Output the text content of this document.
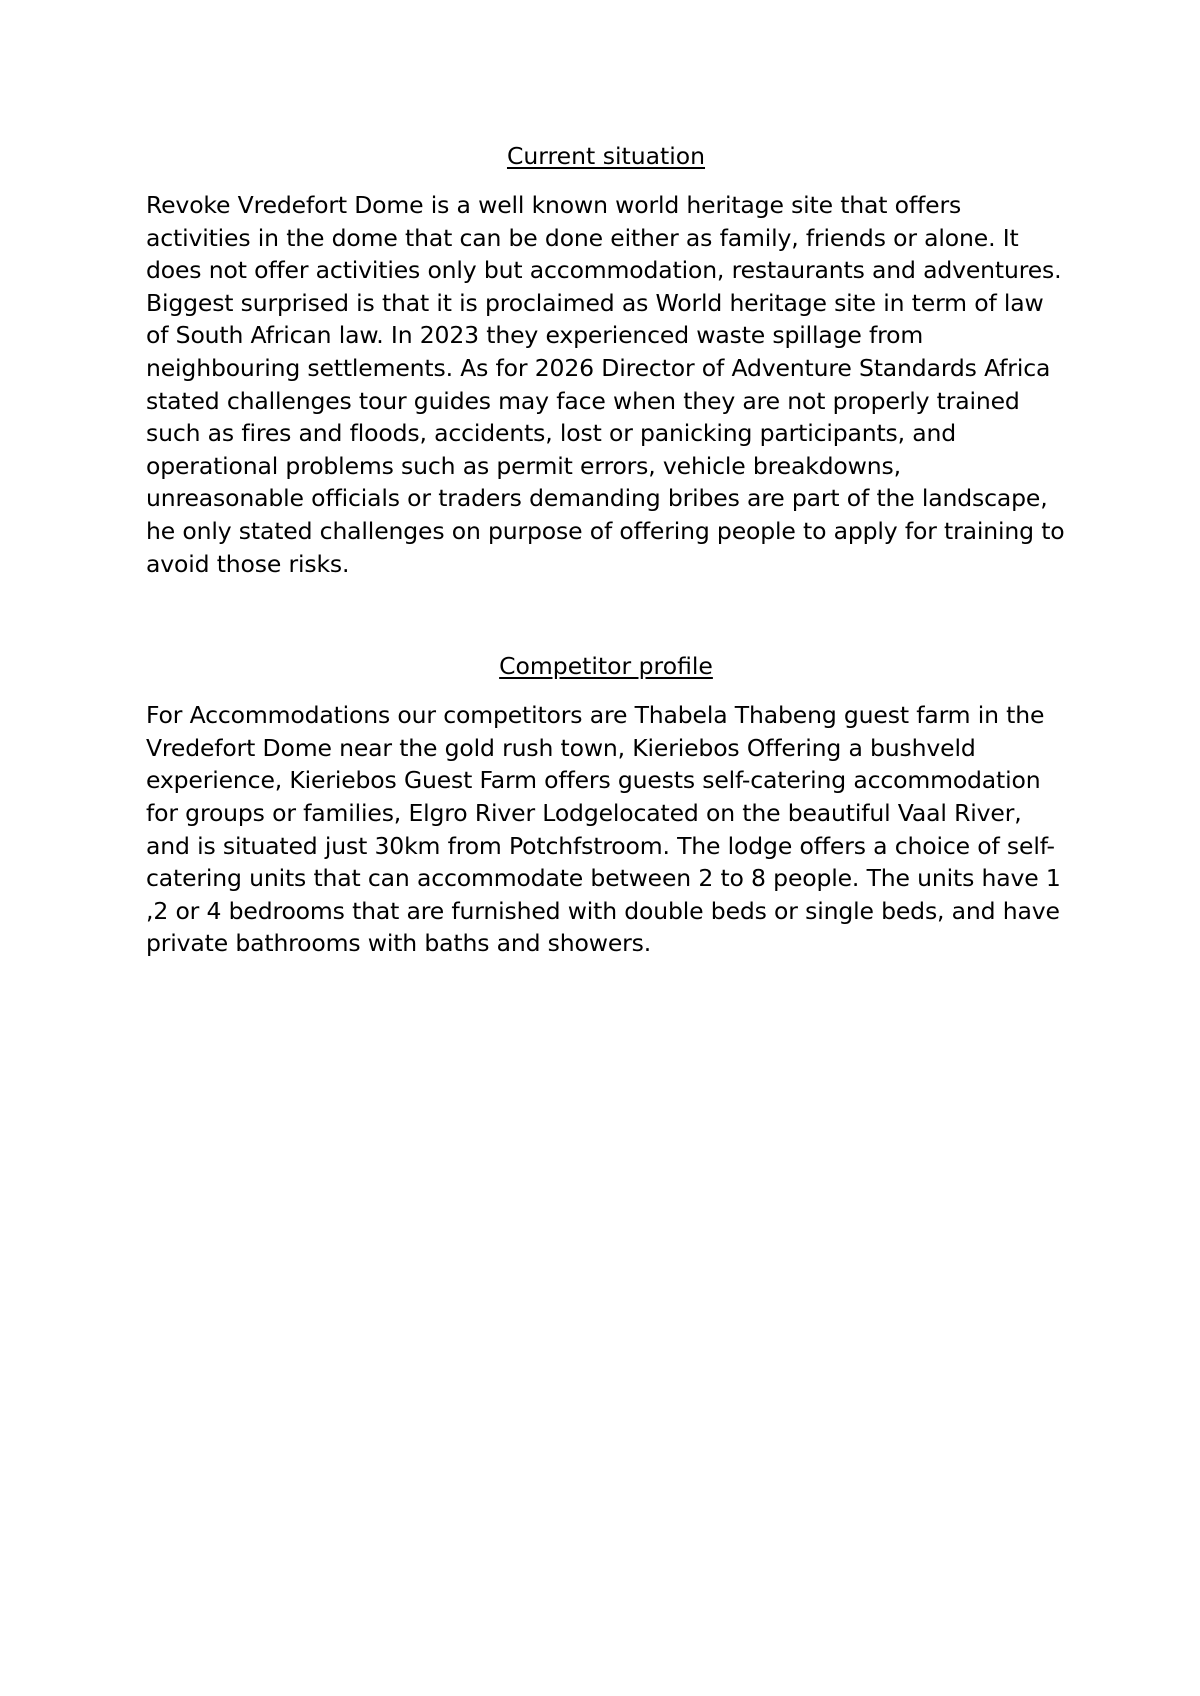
Current situation

Revoke Vredefort Dome is a well known world heritage site that offers activities in the dome that can be done either as family, friends or alone. It does not offer activities only but accommodation, restaurants and adventures. Biggest surprised is that it is proclaimed as World heritage site in term of law of South African law. In 2023 they experienced waste spillage from neighbouring settlements. As for 2026 Director of Adventure Standards Africa stated challenges tour guides may face when they are not properly trained such as fires and floods, accidents, lost or panicking participants, and operational problems such as permit errors, vehicle breakdowns, unreasonable officials or traders demanding bribes are part of the landscape, he only stated challenges on purpose of offering people to apply for training to avoid those risks.

Competitor profile

For Accommodations our competitors are Thabela Thabeng guest farm in the Vredefort Dome near the gold rush town, Kieriebos Offering a bushveld experience, Kieriebos Guest Farm offers guests self-catering accommodation for groups or families, Elgro River Lodgelocated on the beautiful Vaal River, and is situated just 30km from Potchfstroom. The lodge offers a choice of self-catering units that can accommodate between 2 to 8 people. The units have 1 ,2 or 4 bedrooms that are furnished with double beds or single beds, and have private bathrooms with baths and showers.
